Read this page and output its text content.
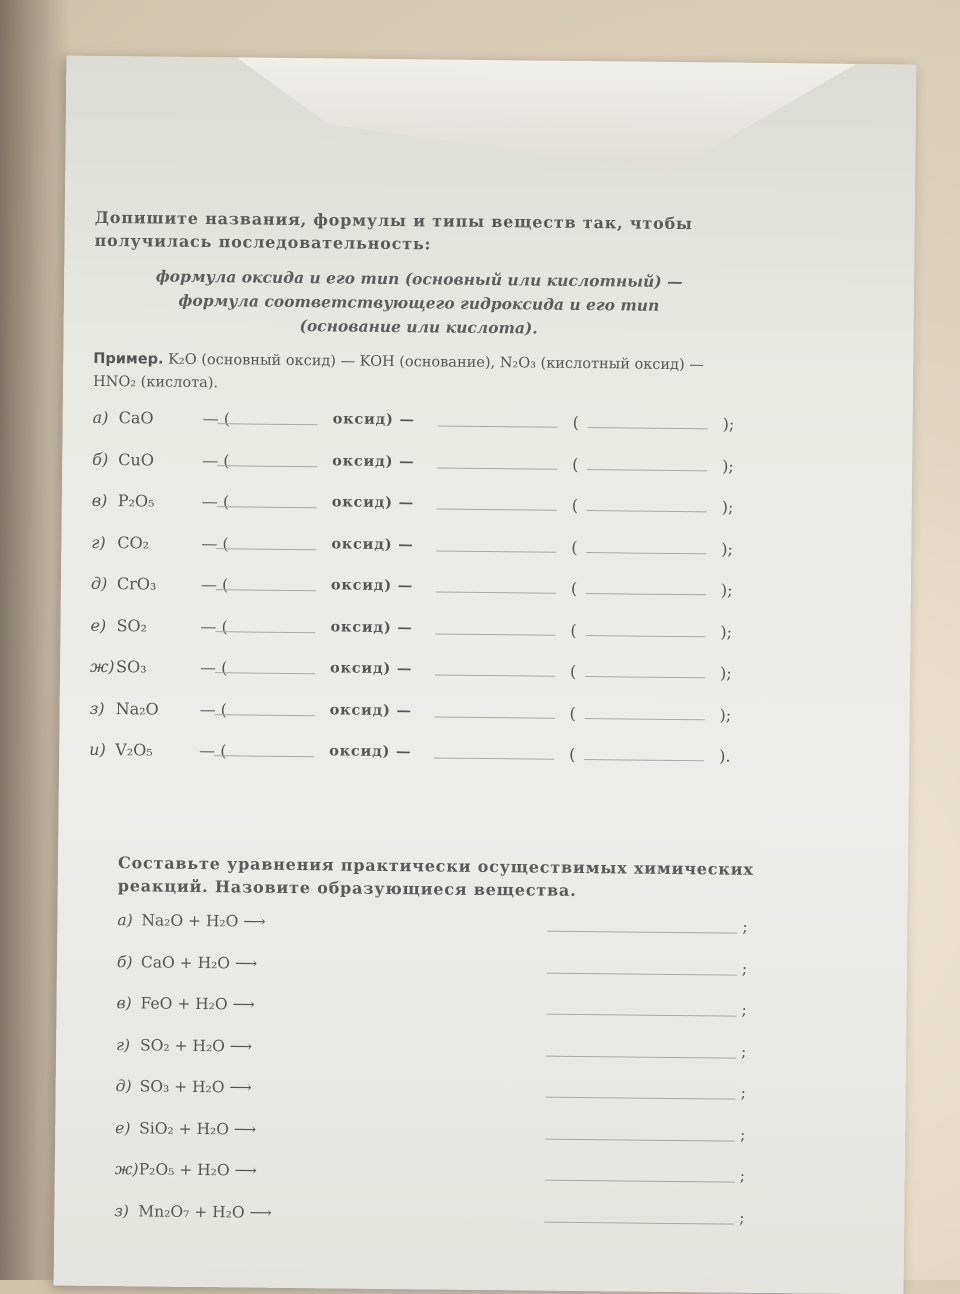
Допишите названия, формулы и типы веществ так, чтобы получилась последовательность:
формула оксида и его тип (основный или кислотный) —
формула соответствующего гидроксида и его тип
(основание или кислота).
Пример. K₂O (основный оксид) — KOH (основание), N₂O₃ (кислотный оксид) — HNO₂ (кислота).
а) CaO	— (	оксид) —	(	);
б) CuO	— (	оксид) —	(	);
в) P₂O₅	— (	оксид) —	(	);
г) CO₂	— (	оксид) —	(	);
д) CrO₃	— (	оксид) —	(	);
е) SO₂	— (	оксид) —	(	);
ж) SO₃	— (	оксид) —	(	);
з) Na₂O	— (	оксид) —	(	);
и) V₂O₅	— (	оксид) —	(	).
Составьте уравнения практически осуществимых химических реакций. Назовите образующиеся вещества.
а) Na₂O + H₂O ⟶	;
б) CaO + H₂O ⟶	;
в) FeO + H₂O ⟶	;
г) SO₂ + H₂O ⟶	;
д) SO₃ + H₂O ⟶	;
е) SiO₂ + H₂O ⟶	;
ж) P₂O₅ + H₂O ⟶	;
з) Mn₂O₇ + H₂O ⟶	;
